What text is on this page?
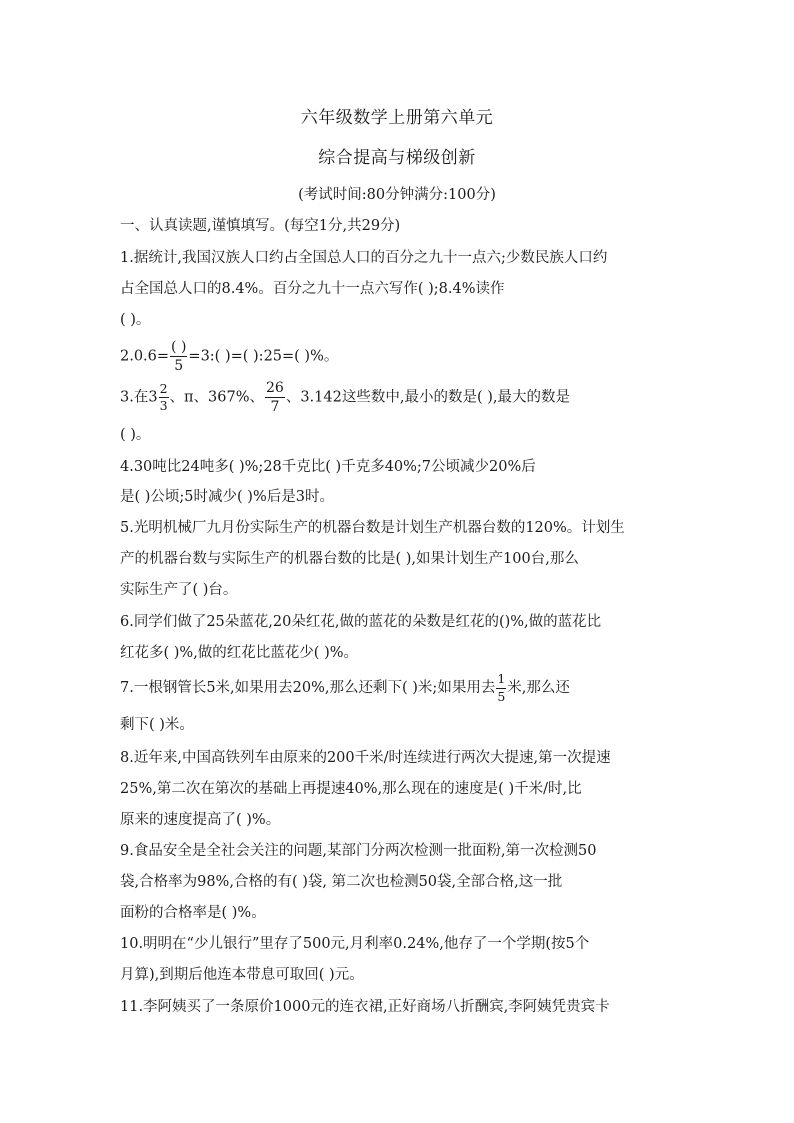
六年级数学上册第六单元
综合提高与梯级创新
(考试时间:80分钟满分:100分)
一、认真读题,谨慎填写。(每空1分,共29分)
1.据统计,我国汉族人口约占全国总人口的百分之九十一点六;少数民族人口约
占全国总人口的8.4%。百分之九十一点六写作( );8.4%读作
( )。
$2.0.6= \frac{( )}{5}$ =3:( )=( ):25=( )%。
3.在$3 \frac{2}{3}$ 、π、367%、 $\frac{26}{7}$ 、3.142这些数中,最小的数是( ),最大的数是
( )。
4.30吨比24吨多( )%;28千克比( )千克多40%;7公顷减少20%后
是( )公顷;5时减少( )%后是3时。
5.光明机械厂九月份实际生产的机器台数是计划生产机器台数的120%。计划生
产的机器台数与实际生产的机器台数的比是( ),如果计划生产100台,那么
实际生产了( )台。
6.同学们做了25朵蓝花,20朵红花,做的蓝花的朵数是红花的()%,做的蓝花比
红花多( )%,做的红花比蓝花少( )%。
7.一根钢管长5米,如果用去20%,那么还剩下( )米;如果用去 $\frac{1}{5}$ 米,那么还
剩下( )米。
8.近年来,中国高铁列车由原来的200千米/时连续进行两次大提速,第一次提速
25%,第二次在第次的基础上再提速40%,那么现在的速度是( )千米/时,比
原来的速度提高了( )%。
9.食品安全是全社会关注的问题,某部门分两次检测一批面粉,第一次检测50
袋,合格率为98%,合格的有( )袋, 第二次也检测50袋,全部合格,这一批
面粉的合格率是( )%。
10.明明在“少儿银行”里存了500元,月利率0.24%,他存了一个学期(按5个
月算),到期后他连本带息可取回( )元。
11.李阿姨买了一条原价1000元的连衣裙,正好商场八折酬宾,李阿姨凭贵宾卡
